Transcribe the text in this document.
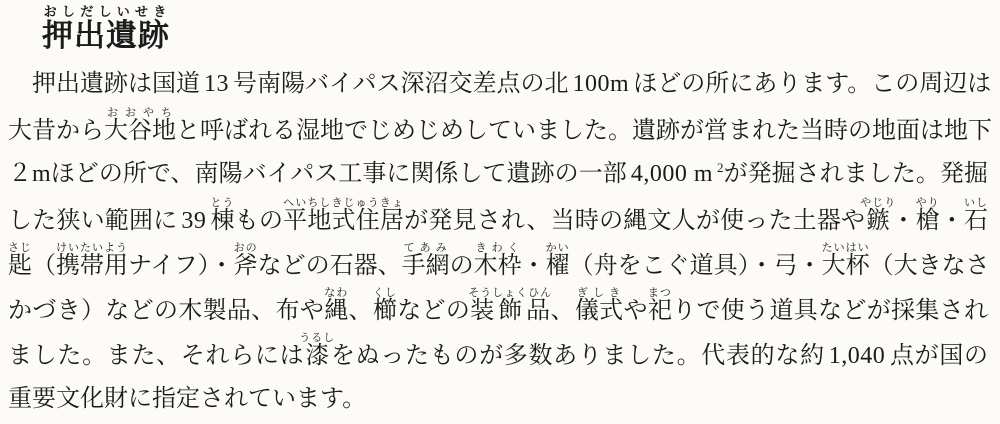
押出遺跡おしだしいせき
押出遺跡は国道 13 号南陽バイパス深沼交差点の北 100m ほどの所にあります。この周辺は
大昔から大谷地おおやちと呼ばれる湿地でじめじめしていました。遺跡が営まれた当時の地面は地下
２mほどの所で、南陽バイパス工事に関係して遺跡の一部 4,000 m $^2$が発掘されました。発掘
した狭い範囲に 39 棟とうもの平地式住居へいちしきじゅうきょが発見され、当時の縄文人が使った土器や鏃やじり・槍やり・石いし
匙さじ（携帯用けいたいようナイフ）・斧おのなどの石器、手網てあみの木枠きわく・櫂かい（舟をこぐ道具）・弓・大杯たいはい（大きなさ
かづき）などの木製品、布や縄なわ、櫛くしなどの装飾品そうしょくひん、儀式ぎしきや祀まつりで使う道具などが採集され
ました。また、それらには漆うるしをぬったものが多数ありました。代表的な約 1,040 点が国の
重要文化財に指定されています。
